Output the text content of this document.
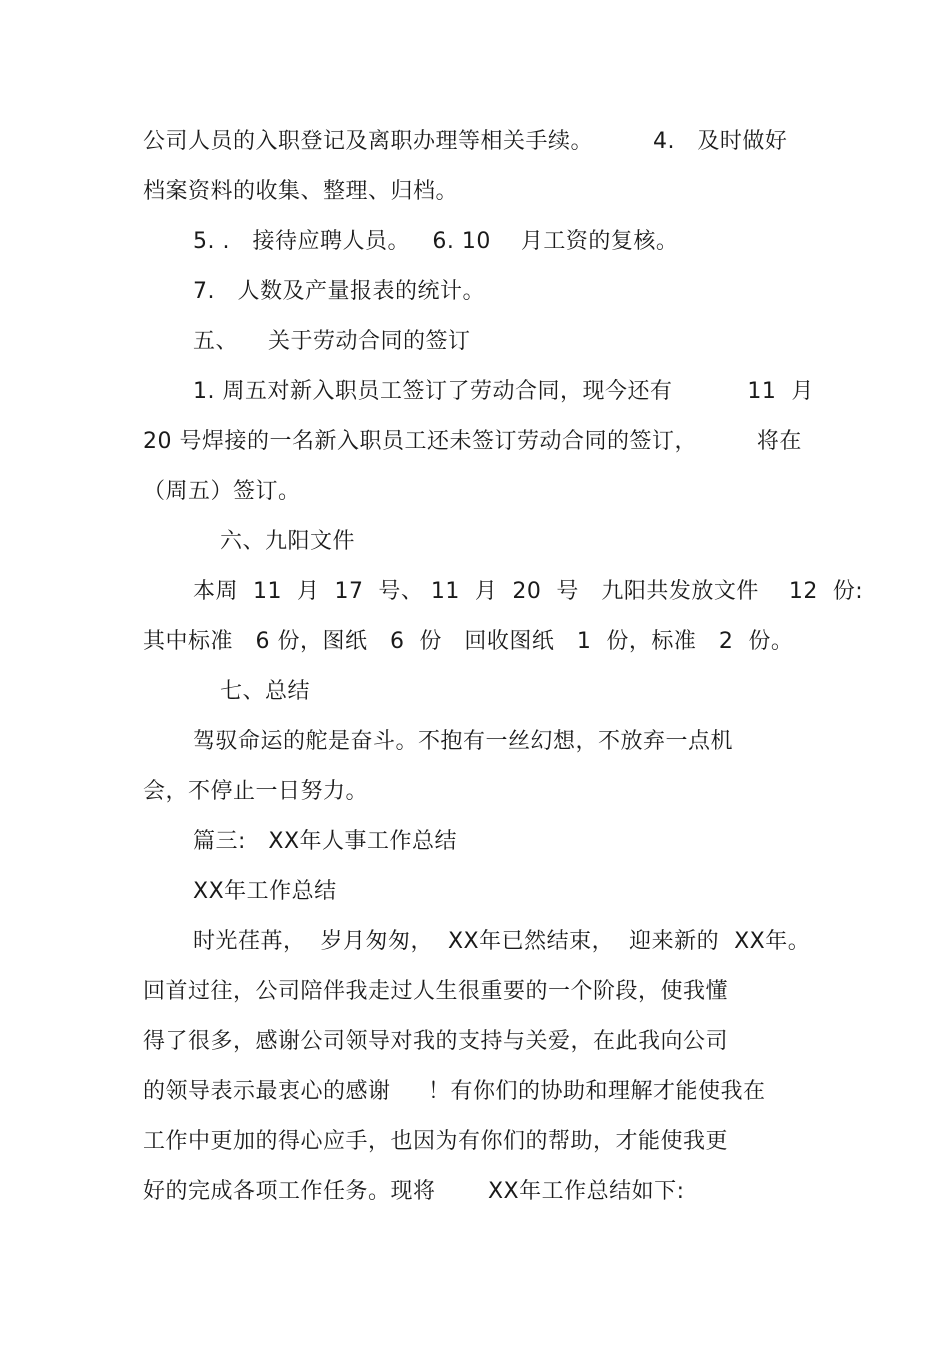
公司人员的入职登记及离职办理等相关手续。        4.   及时做好
档案资料的收集、整理、归档。
5. .   接待应聘人员。   6. 10    月工资的复核。
7.   人数及产量报表的统计。
五、    关于劳动合同的签订
1. 周五对新入职员工签订了劳动合同，现今还有          11  月
20 号焊接的一名新入职员工还未签订劳动合同的签订，        将在
（周五）签订。
六、九阳文件
本周  11  月  17  号、 11  月  20  号   九阳共发放文件    12  份:
其中标准   6 份，图纸   6  份   回收图纸   1  份，标准   2  份。
七、总结
驾驭命运的舵是奋斗。不抱有一丝幻想，不放弃一点机
会，不停止一日努力。
篇三:   XX年人事工作总结
XX年工作总结
时光荏苒，  岁月匆匆，  XX年已然结束，  迎来新的  XX年。
回首过往，公司陪伴我走过人生很重要的一个阶段，使我懂
得了很多，感谢公司领导对我的支持与关爱，在此我向公司
的领导表示最衷心的感谢     ！有你们的协助和理解才能使我在
工作中更加的得心应手，也因为有你们的帮助，才能使我更
好的完成各项工作任务。现将       XX年工作总结如下:
